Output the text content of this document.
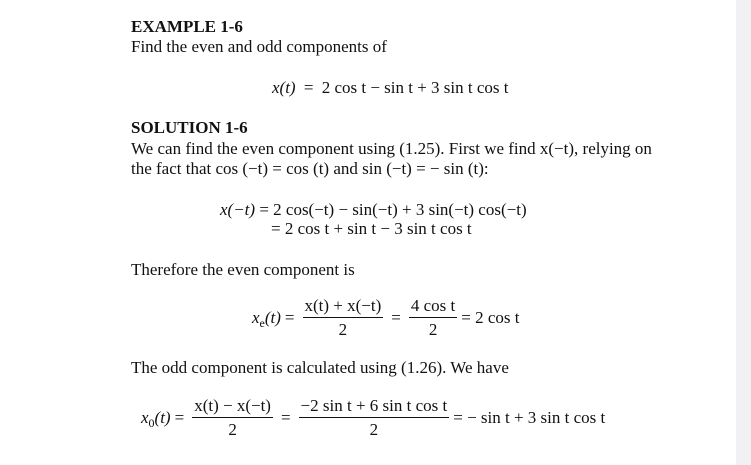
EXAMPLE 1-6
Find the even and odd components of
x(t) = 2 cos t − sin t + 3 sin t cos t
SOLUTION 1-6
We can find the even component using (1.25). First we find x(−t), relying on
the fact that cos (−t) = cos (t) and sin (−t) = − sin (t):
x(−t) = 2 cos(−t) − sin(−t) + 3 sin(−t) cos(−t)
= 2 cos t + sin t − 3 sin t cos t
Therefore the even component is
$x_e(t) = \frac{x(t) + x(-t)}{2} = \frac{\text{4 cos t}}{2} = 2$ cos t
The odd component is calculated using (1.26). We have
$x_0(t) = \frac{x(t) - x(-t)}{2} = \frac{\text{−2 sin t + 6 sin t cos t}}{2}$ = − sin t + 3 sin t cos t
